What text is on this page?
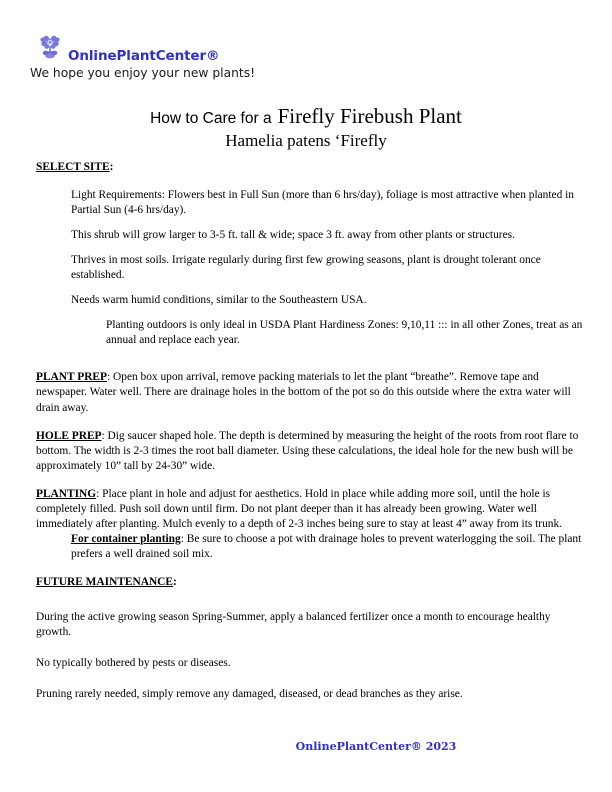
OnlinePlantCenter®
We hope you enjoy your new plants!
How to Care for a Firefly Firebush Plant
Hamelia patens ‘Firefly

SELECT SITE:

Light Requirements: Flowers best in Full Sun (more than 6 hrs/day), foliage is most attractive when planted in Partial Sun (4-6 hrs/day).

This shrub will grow larger to 3-5 ft. tall & wide; space 3 ft. away from other plants or structures.

Thrives in most soils. Irrigate regularly during first few growing seasons, plant is drought tolerant once established.

Needs warm humid conditions, similar to the Southeastern USA.

Planting outdoors is only ideal in USDA Plant Hardiness Zones: 9,10,11 ::: in all other Zones, treat as an annual and replace each year.

PLANT PREP: Open box upon arrival, remove packing materials to let the plant “breathe”. Remove tape and newspaper. Water well. There are drainage holes in the bottom of the pot so do this outside where the extra water will drain away.

HOLE PREP: Dig saucer shaped hole. The depth is determined by measuring the height of the roots from root flare to bottom. The width is 2-3 times the root ball diameter. Using these calculations, the ideal hole for the new bush will be approximately 10” tall by 24-30” wide.

PLANTING: Place plant in hole and adjust for aesthetics. Hold in place while adding more soil, until the hole is completely filled. Push soil down until firm. Do not plant deeper than it has already been growing. Water well immediately after planting. Mulch evenly to a depth of 2-3 inches being sure to stay at least 4” away from its trunk.

For container planting: Be sure to choose a pot with drainage holes to prevent waterlogging the soil. The plant prefers a well drained soil mix.

FUTURE MAINTENANCE:

During the active growing season Spring-Summer, apply a balanced fertilizer once a month to encourage healthy growth.

No typically bothered by pests or diseases.

Pruning rarely needed, simply remove any damaged, diseased, or dead branches as they arise.

OnlinePlantCenter® 2023
